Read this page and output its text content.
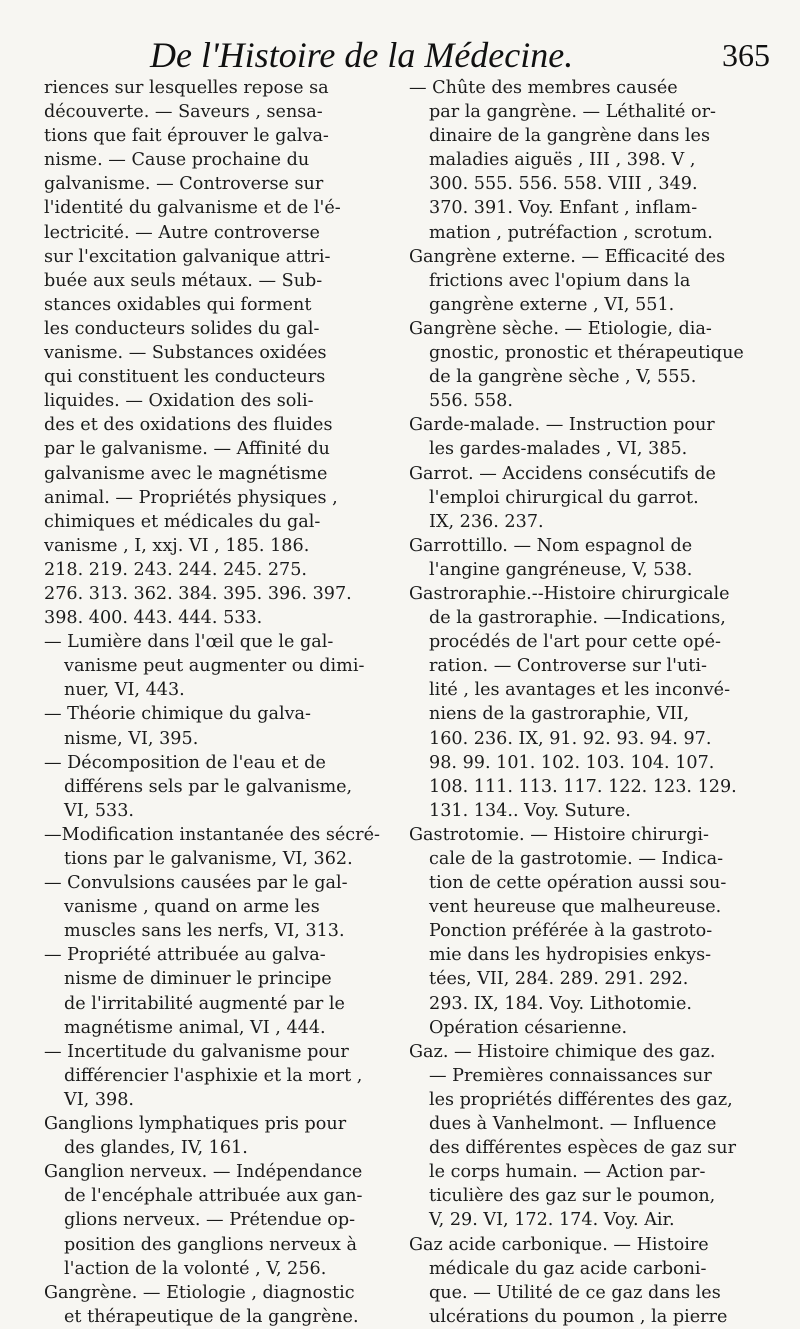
De l'Histoire de la Médecine.	365
riences sur lesquelles repose sa
découverte. — Saveurs , sensa-
tions que fait éprouver le galva-
nisme. — Cause prochaine du
galvanisme. — Controverse sur
l'identité du galvanisme et de l'é-
lectricité. — Autre controverse
sur l'excitation galvanique attri-
buée aux seuls métaux. — Sub-
stances oxidables qui forment
les conducteurs solides du gal-
vanisme. — Substances oxidées
qui constituent les conducteurs
liquides. — Oxidation des soli-
des et des oxidations des fluides
par le galvanisme. — Affinité du
galvanisme avec le magnétisme
animal. — Propriétés physiques ,
chimiques et médicales du gal-
vanisme , I, xxj. VI , 185. 186.
218. 219. 243. 244. 245. 275.
276. 313. 362. 384. 395. 396. 397.
398. 400. 443. 444. 533.
— Lumière dans l'œil que le gal-
vanisme peut augmenter ou dimi-
nuer, VI, 443.
— Théorie chimique du galva-
nisme, VI, 395.
— Décomposition de l'eau et de
différens sels par le galvanisme,
VI, 533.
—Modification instantanée des sécré-
tions par le galvanisme, VI, 362.
— Convulsions causées par le gal-
vanisme , quand on arme les
muscles sans les nerfs, VI, 313.
— Propriété attribuée au galva-
nisme de diminuer le principe
de l'irritabilité augmenté par le
magnétisme animal, VI , 444.
— Incertitude du galvanisme pour
différencier l'asphixie et la mort ,
VI, 398.
Ganglions lymphatiques pris pour
des glandes, IV, 161.
Ganglion nerveux. — Indépendance
de l'encéphale attribuée aux gan-
glions nerveux. — Prétendue op-
position des ganglions nerveux à
l'action de la volonté , V, 256.
Gangrène. — Etiologie , diagnostic
et thérapeutique de la gangrène.
— Chûte des membres causée
par la gangrène. — Léthalité or-
dinaire de la gangrène dans les
maladies aiguës , III , 398. V ,
300. 555. 556. 558. VIII , 349.
370. 391. Voy. Enfant , inflam-
mation , putréfaction , scrotum.
Gangrène externe. — Efficacité des
frictions avec l'opium dans la
gangrène externe , VI, 551.
Gangrène sèche. — Etiologie, dia-
gnostic, pronostic et thérapeutique
de la gangrène sèche , V, 555.
556. 558.
Garde-malade. — Instruction pour
les gardes-malades , VI, 385.
Garrot. — Accidens consécutifs de
l'emploi chirurgical du garrot.
IX, 236. 237.
Garrottillo. — Nom espagnol de
l'angine gangréneuse, V, 538.
Gastroraphie.--Histoire chirurgicale
de la gastroraphie. —Indications,
procédés de l'art pour cette opé-
ration. — Controverse sur l'uti-
lité , les avantages et les inconvé-
niens de la gastroraphie, VII,
160. 236. IX, 91. 92. 93. 94. 97.
98. 99. 101. 102. 103. 104. 107.
108. 111. 113. 117. 122. 123. 129.
131. 134.. Voy. Suture.
Gastrotomie. — Histoire chirurgi-
cale de la gastrotomie. — Indica-
tion de cette opération aussi sou-
vent heureuse que malheureuse.
Ponction préférée à la gastroto-
mie dans les hydropisies enkys-
tées, VII, 284. 289. 291. 292.
293. IX, 184. Voy. Lithotomie.
Opération césarienne.
Gaz. — Histoire chimique des gaz.
— Premières connaissances sur
les propriétés différentes des gaz,
dues à Vanhelmont. — Influence
des différentes espèces de gaz sur
le corps humain. — Action par-
ticulière des gaz sur le poumon,
V, 29. VI, 172. 174. Voy. Air.
Gaz acide carbonique. — Histoire
médicale du gaz acide carboni-
que. — Utilité de ce gaz dans les
ulcérations du poumon , la pierre
